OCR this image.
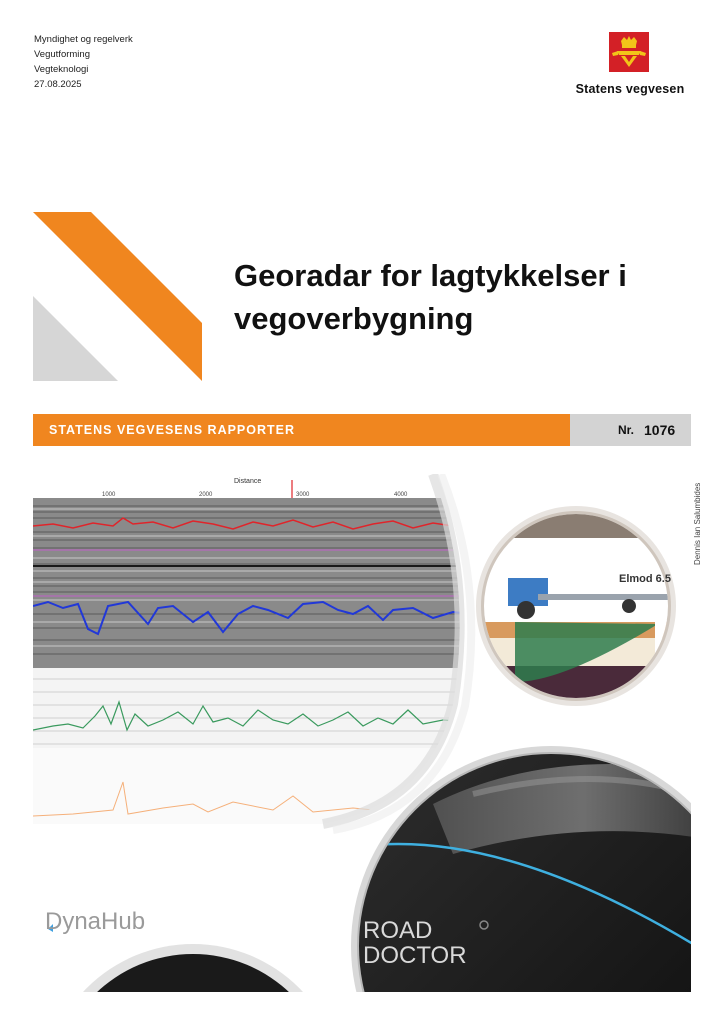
Myndighet og regelverk
Vegutforming
Vegteknologi
27.08.2025	Statens vegvesen
Georadar for lagtykkelser i vegoverbygning
STATENS VEGVESENS RAPPORTER	Nr. 1076
Dennis Ian Salumbides
Distance
1000	2000	3000	4000
Elmod 6.5
DynaHub	ROAD
DOCTOR
